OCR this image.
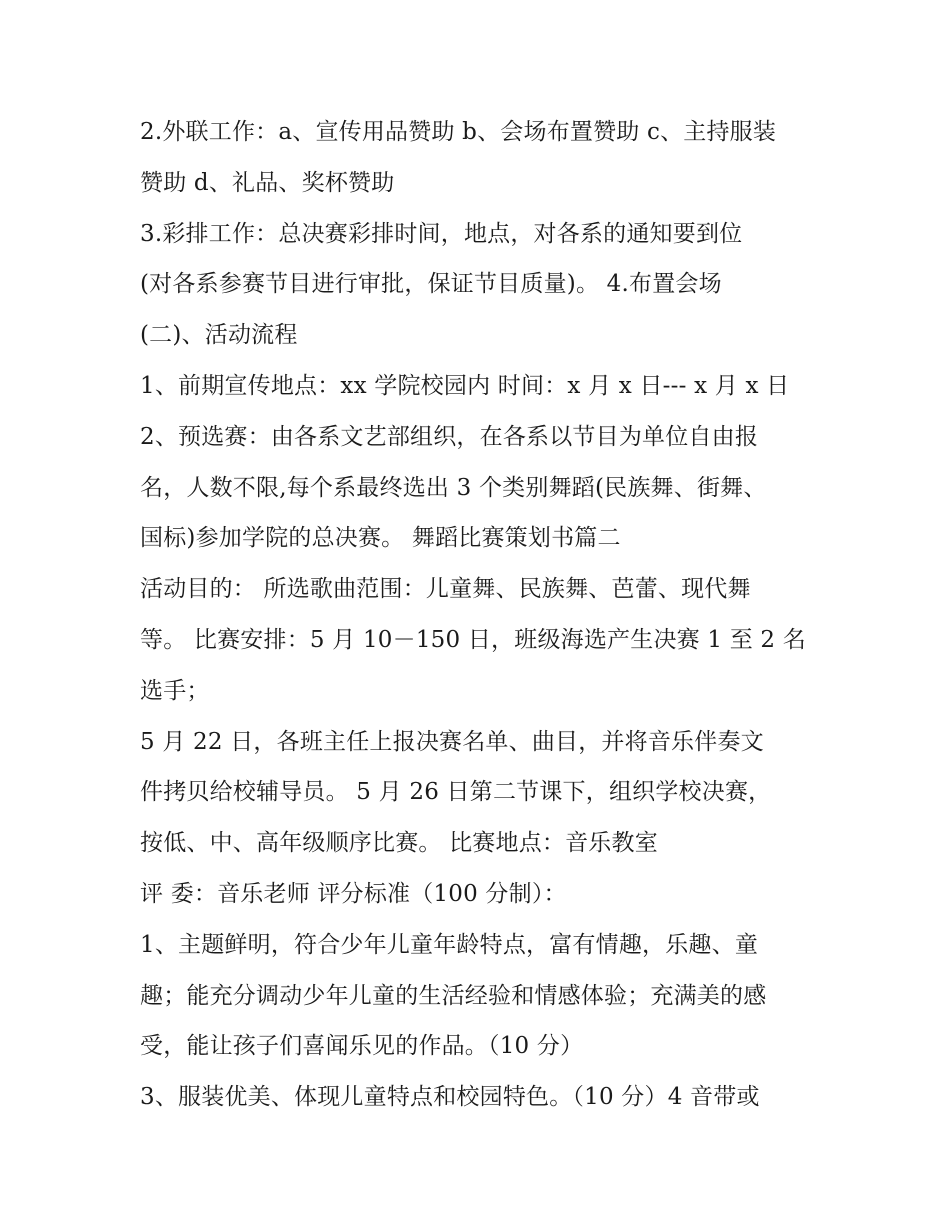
2.外联工作：a、宣传用品赞助 b、会场布置赞助 c、主持服装
赞助 d、礼品、奖杯赞助
3.彩排工作：总决赛彩排时间，地点，对各系的通知要到位
(对各系参赛节目进行审批，保证节目质量)。 4.布置会场
(二)、活动流程
1、前期宣传地点：xx 学院校园内 时间：x 月 x 日--- x 月 x 日
2、预选赛：由各系文艺部组织，在各系以节目为单位自由报
名，人数不限,每个系最终选出 3 个类别舞蹈(民族舞、街舞、
国标)参加学院的总决赛。 舞蹈比赛策划书篇二
活动目的： 所选歌曲范围：儿童舞、民族舞、芭蕾、现代舞
等。 比赛安排：5 月 10－150 日，班级海选产生决赛 1 至 2 名
选手；
5 月 22 日，各班主任上报决赛名单、曲目，并将音乐伴奏文
件拷贝给校辅导员。 5 月 26 日第二节课下，组织学校决赛，
按低、中、高年级顺序比赛。 比赛地点：音乐教室
评 委：音乐老师 评分标准（100 分制）：
1、主题鲜明，符合少年儿童年龄特点，富有情趣，乐趣、童
趣；能充分调动少年儿童的生活经验和情感体验；充满美的感
受，能让孩子们喜闻乐见的作品。（10 分）
3、服装优美、体现儿童特点和校园特色。（10 分）4 音带或
